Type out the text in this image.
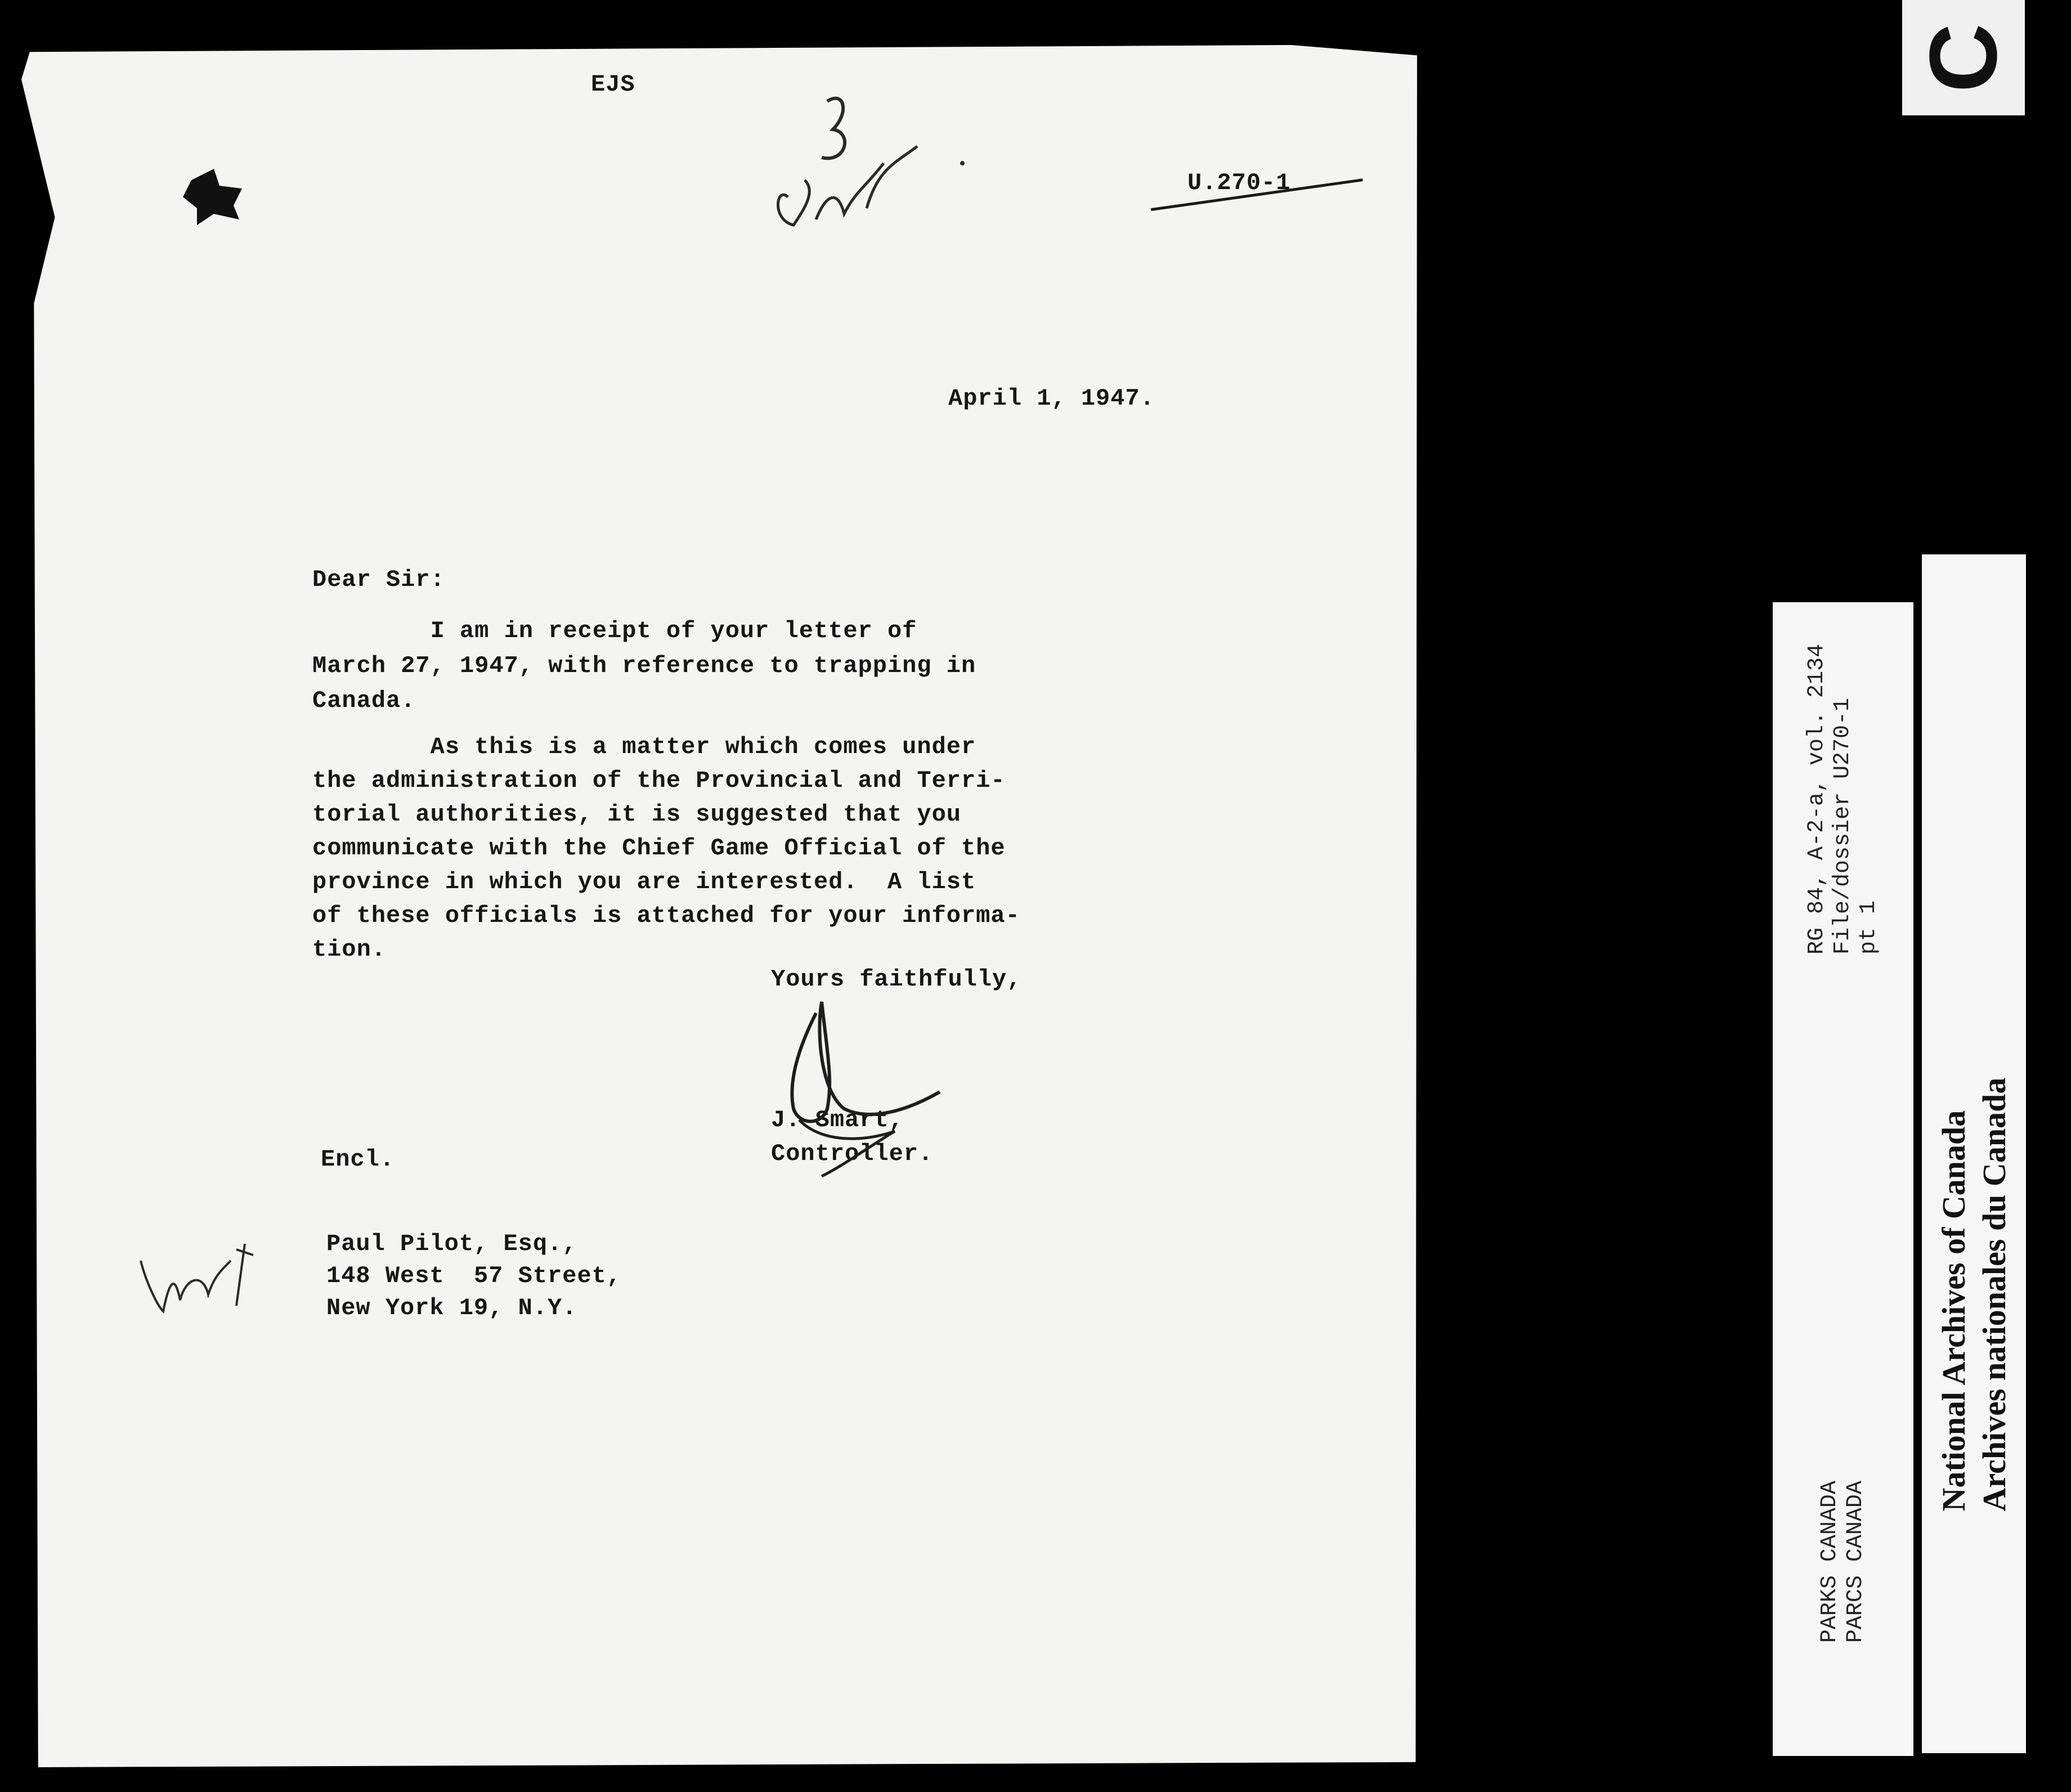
EJS
U.270-1
April 1, 1947.
Dear Sir:
I am in receipt of your letter of
March 27, 1947, with reference to trapping in
Canada.
As this is a matter which comes under
the administration of the Provincial and Terri-
torial authorities, it is suggested that you
communicate with the Chief Game Official of the
province in which you are interested.  A list
of these officials is attached for your informa-
tion.
Yours faithfully,
J. Smart,
Controller.
Encl.
Paul Pilot, Esq.,
148 West  57 Street,
New York 19, N.Y.
C
RG 84, A-2-a, vol. 2134
File/dossier U270-1
pt 1
PARKS CANADA
PARCS CANADA
National Archives of Canada
Archives nationales du Canada
